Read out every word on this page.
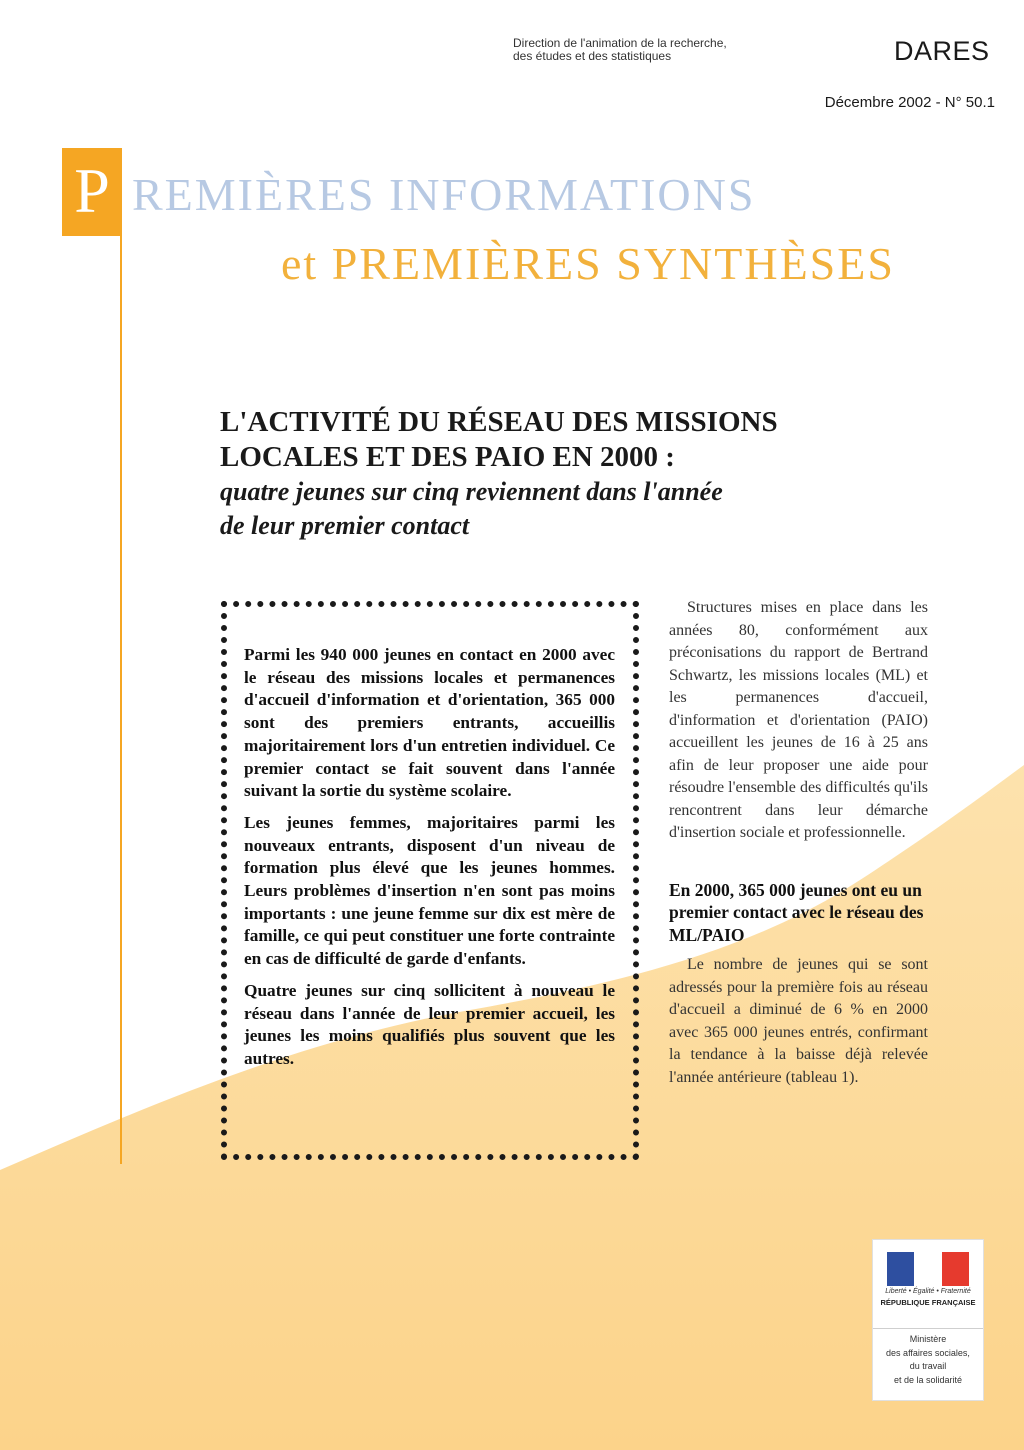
Direction de l'animation de la recherche,
des études et des statistiques	DARES
Décembre 2002 - N° 50.1
P REMIÈRES INFORMATIONS
et PREMIÈRES SYNTHÈSES
L'ACTIVITÉ DU RÉSEAU DES MISSIONS
LOCALES ET DES PAIO EN 2000 :
quatre jeunes sur cinq reviennent dans l'année
de leur premier contact

Parmi les 940 000 jeunes en contact en 2000 avec le réseau des missions locales et permanences d'accueil d'information et d'orientation, 365 000 sont des premiers entrants, accueillis majoritairement lors d'un entretien individuel. Ce premier contact se fait souvent dans l'année suivant la sortie du système scolaire.

Les jeunes femmes, majoritaires parmi les nouveaux entrants, disposent d'un niveau de formation plus élevé que les jeunes hommes. Leurs problèmes d'insertion n'en sont pas moins importants : une jeune femme sur dix est mère de famille, ce qui peut constituer une forte contrainte en cas de difficulté de garde d'enfants.

Quatre jeunes sur cinq sollicitent à nouveau le réseau dans l'année de leur premier accueil, les jeunes les moins qualifiés plus souvent que les autres.

Structures mises en place dans les années 80, conformément aux préconisations du rapport de Bertrand Schwartz, les missions locales (ML) et les permanences d'accueil, d'information et d'orientation (PAIO) accueillent les jeunes de 16 à 25 ans afin de leur proposer une aide pour résoudre l'ensemble des difficultés qu'ils rencontrent dans leur démarche d'insertion sociale et professionnelle.

En 2000, 365 000 jeunes ont eu un premier contact avec le réseau des ML/PAIO

Le nombre de jeunes qui se sont adressés pour la première fois au réseau d'accueil a diminué de 6 % en 2000 avec 365 000 jeunes entrés, confirmant la tendance à la baisse déjà relevée l'année antérieure (tableau 1).

Liberté • Égalité • Fraternité
RÉPUBLIQUE FRANÇAISE
Ministère
des affaires sociales,
du travail
et de la solidarité
